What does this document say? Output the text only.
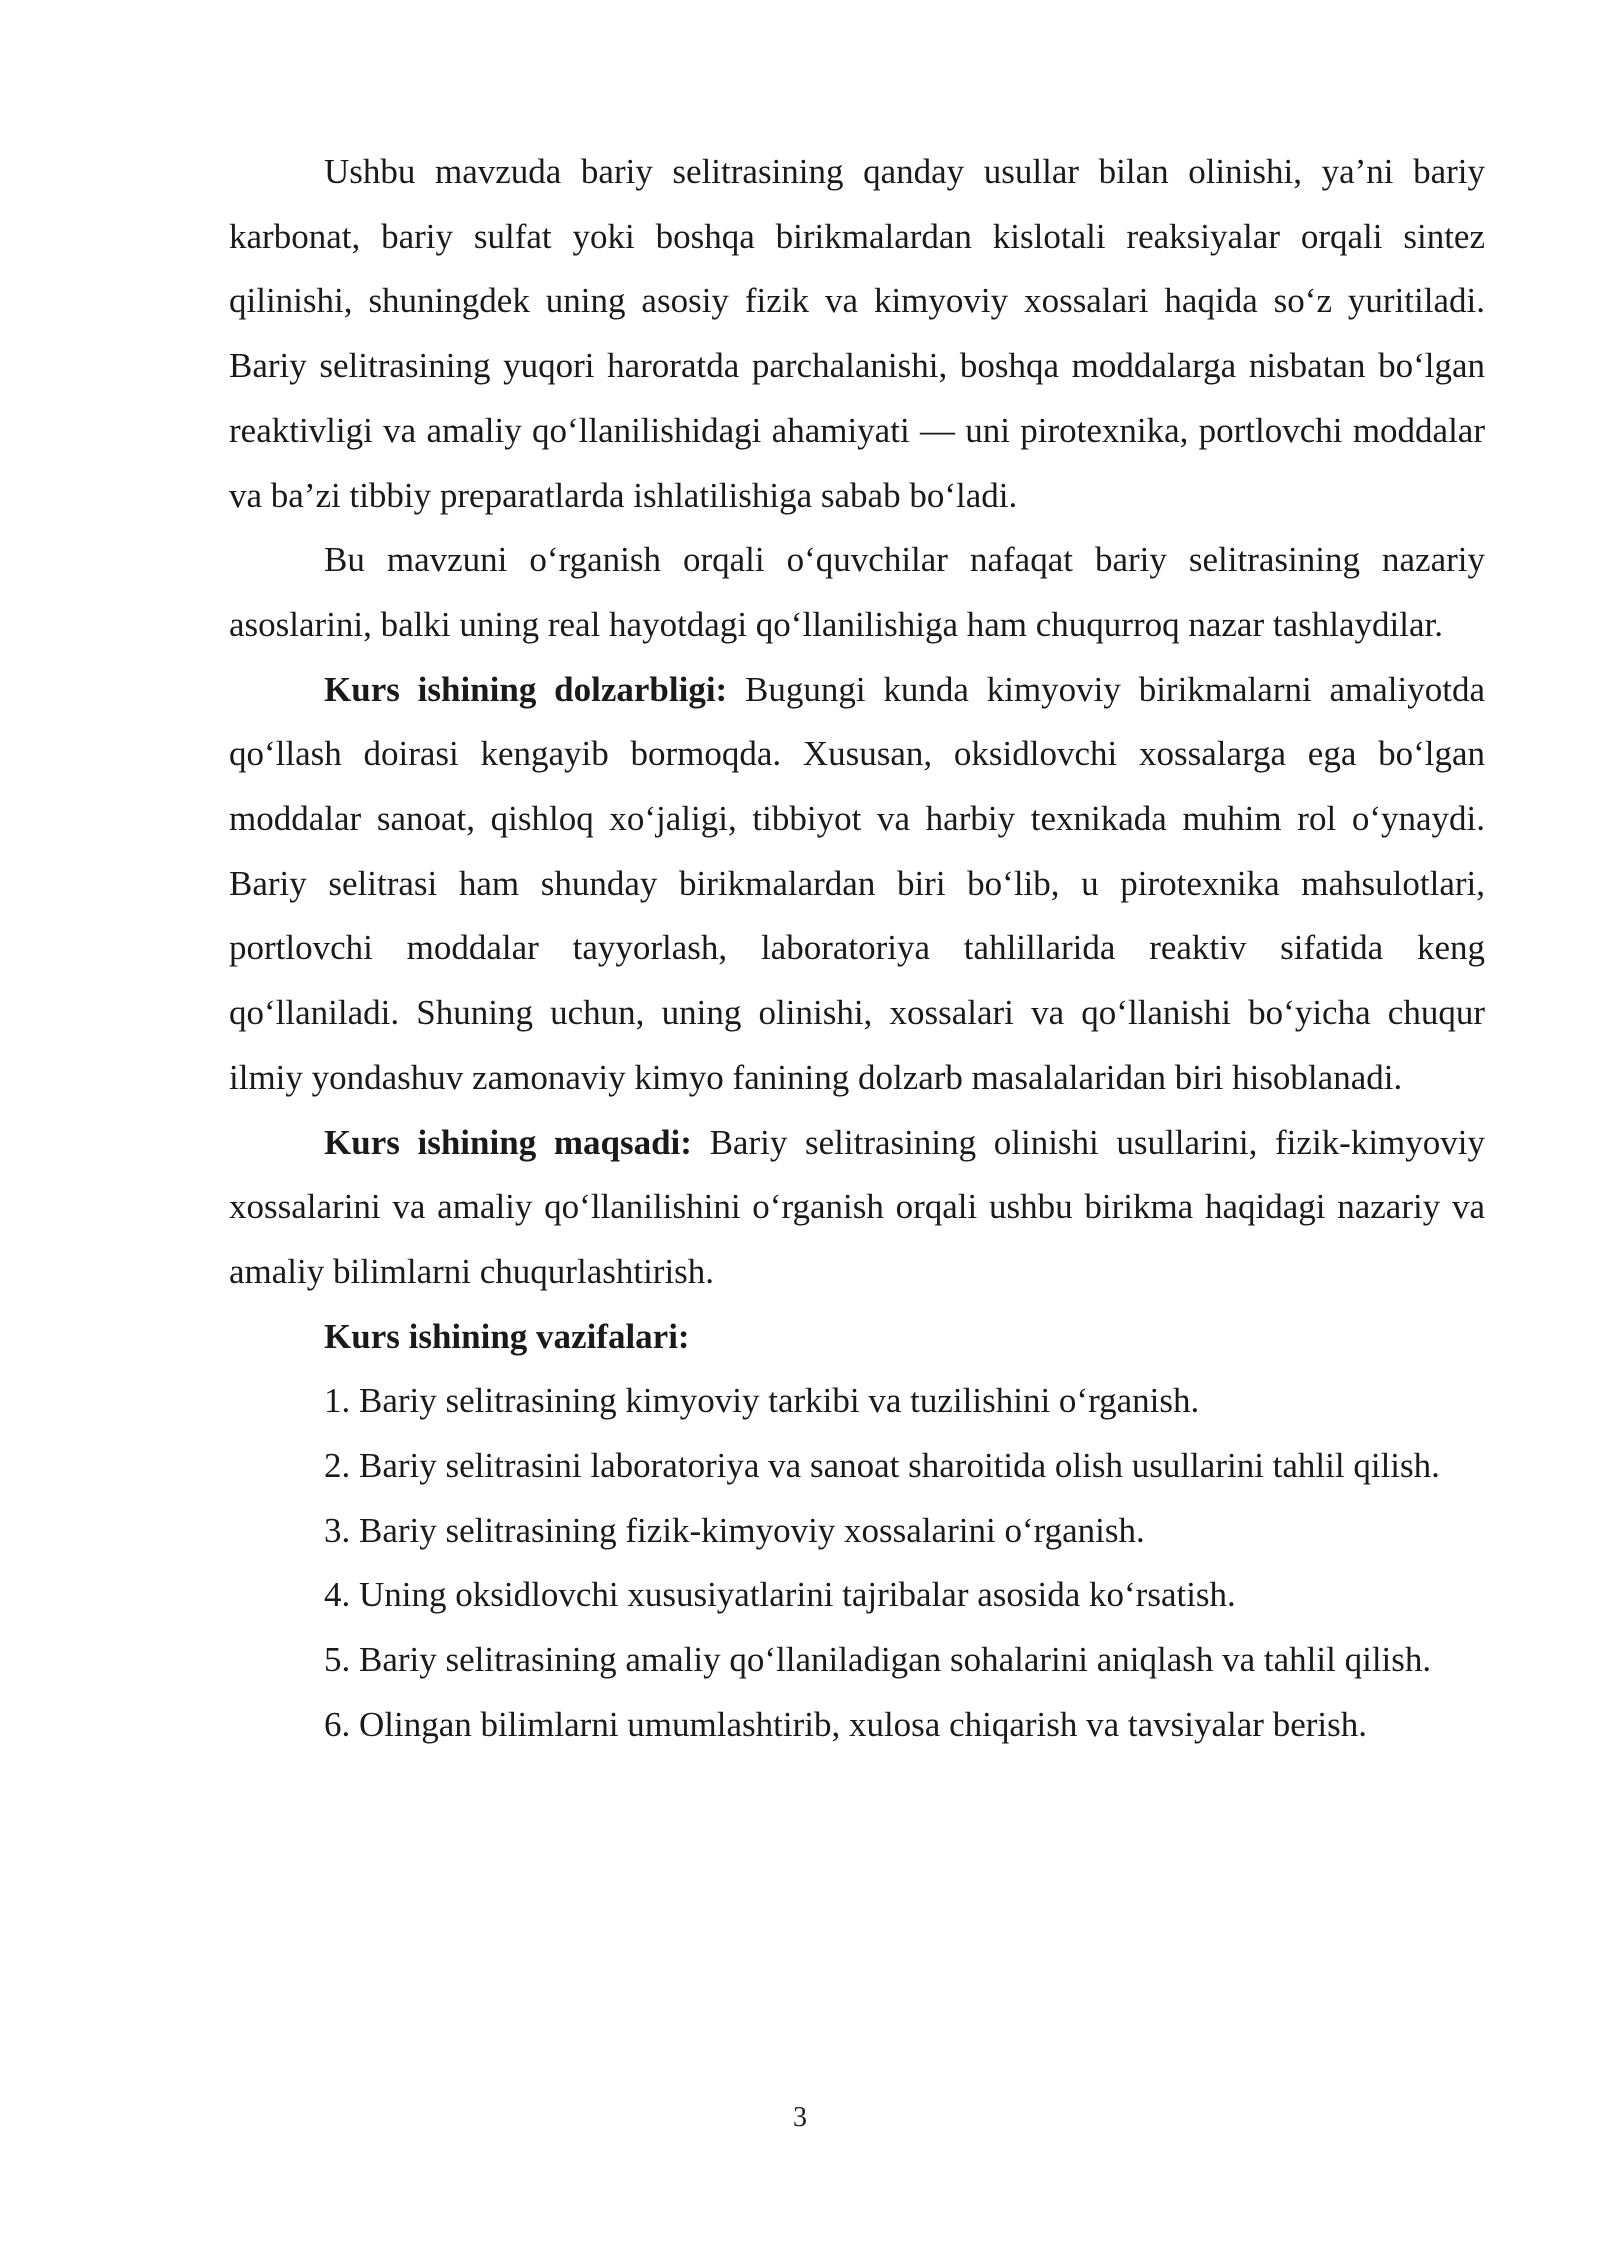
Ushbu mavzuda bariy selitrasining qanday usullar bilan olinishi, ya’ni bariy karbonat, bariy sulfat yoki boshqa birikmalardan kislotali reaksiyalar orqali sintez qilinishi, shuningdek uning asosiy fizik va kimyoviy xossalari haqida so‘z yuritiladi. Bariy selitrasining yuqori haroratda parchalanishi, boshqa moddalarga nisbatan bo‘lgan reaktivligi va amaliy qo‘llanilishidagi ahamiyati — uni pirotexnika, portlovchi moddalar va ba’zi tibbiy preparatlarda ishlatilishiga sabab bo‘ladi.

Bu mavzuni o‘rganish orqali o‘quvchilar nafaqat bariy selitrasining nazariy asoslarini, balki uning real hayotdagi qo‘llanilishiga ham chuqurroq nazar tashlaydilar.

Kurs ishining dolzarbligi: Bugungi kunda kimyoviy birikmalarni amaliyotda qo‘llash doirasi kengayib bormoqda. Xususan, oksidlovchi xossalarga ega bo‘lgan moddalar sanoat, qishloq xo‘jaligi, tibbiyot va harbiy texnikada muhim rol o‘ynaydi. Bariy selitrasi ham shunday birikmalardan biri bo‘lib, u pirotexnika mahsulotlari, portlovchi moddalar tayyorlash, laboratoriya tahlillarida reaktiv sifatida keng qo‘llaniladi. Shuning uchun, uning olinishi, xossalari va qo‘llanishi bo‘yicha chuqur ilmiy yondashuv zamonaviy kimyo fanining dolzarb masalalaridan biri hisoblanadi.

Kurs ishining maqsadi: Bariy selitrasining olinishi usullarini, fizik-kimyoviy xossalarini va amaliy qo‘llanilishini o‘rganish orqali ushbu birikma haqidagi nazariy va amaliy bilimlarni chuqurlashtirish.

Kurs ishining vazifalari:

1. Bariy selitrasining kimyoviy tarkibi va tuzilishini o‘rganish.

2. Bariy selitrasini laboratoriya va sanoat sharoitida olish usullarini tahlil qilish.

3. Bariy selitrasining fizik-kimyoviy xossalarini o‘rganish.

4. Uning oksidlovchi xususiyatlarini tajribalar asosida ko‘rsatish.

5. Bariy selitrasining amaliy qo‘llaniladigan sohalarini aniqlash va tahlil qilish.

6. Olingan bilimlarni umumlashtirib, xulosa chiqarish va tavsiyalar berish.

3
